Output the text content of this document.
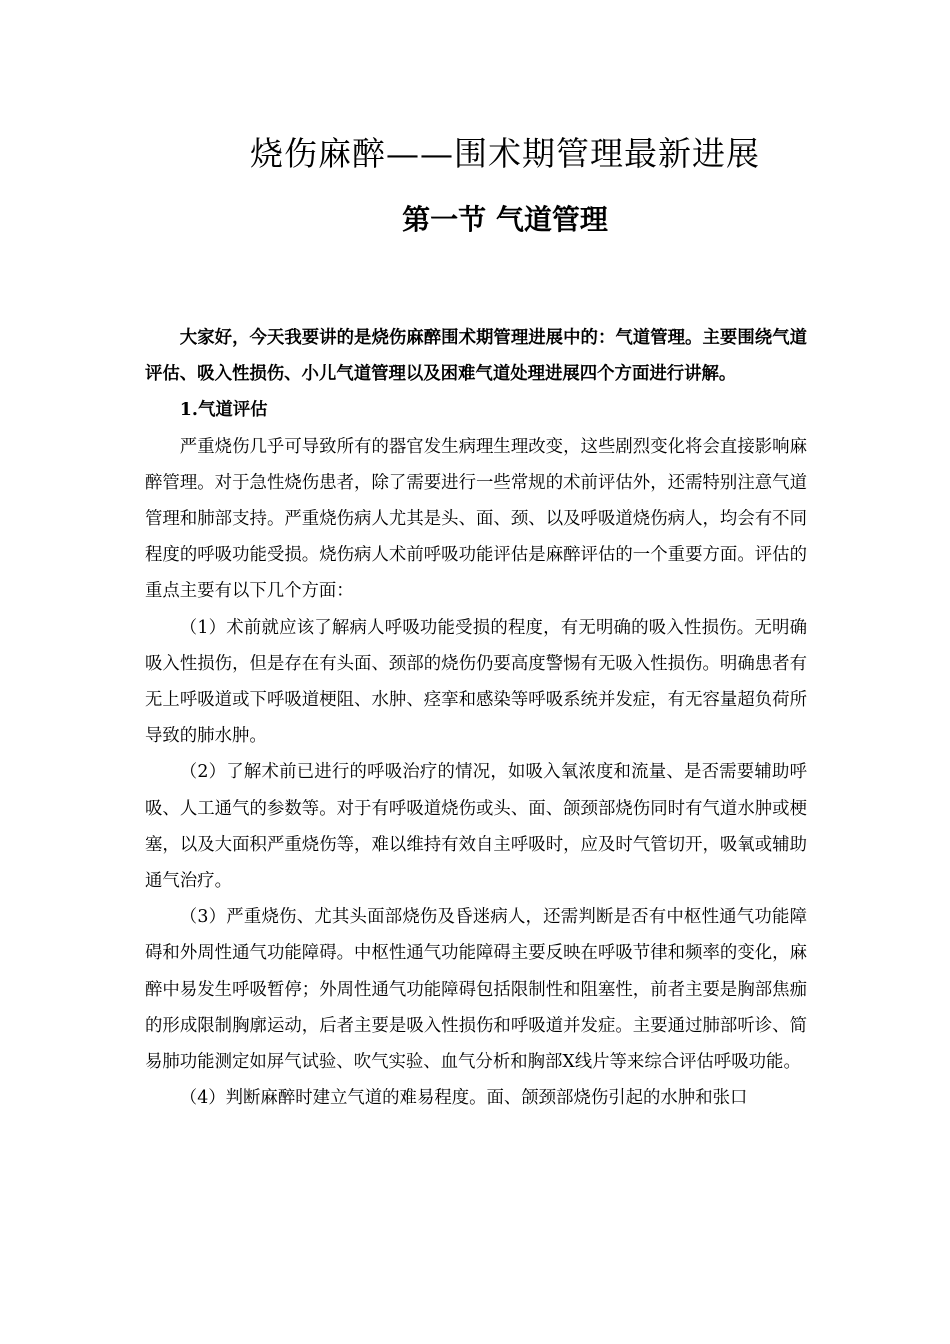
烧伤麻醉——围术期管理最新进展
第一节 气道管理

大家好，今天我要讲的是烧伤麻醉围术期管理进展中的：气道管理。主要围绕气道评估、吸入性损伤、小儿气道管理以及困难气道处理进展四个方面进行讲解。

1.气道评估

严重烧伤几乎可导致所有的器官发生病理生理改变，这些剧烈变化将会直接影响麻醉管理。对于急性烧伤患者，除了需要进行一些常规的术前评估外，还需特别注意气道管理和肺部支持。严重烧伤病人尤其是头、面、颈、以及呼吸道烧伤病人，均会有不同程度的呼吸功能受损。烧伤病人术前呼吸功能评估是麻醉评估的一个重要方面。评估的重点主要有以下几个方面：

（1）术前就应该了解病人呼吸功能受损的程度，有无明确的吸入性损伤。无明确吸入性损伤，但是存在有头面、颈部的烧伤仍要高度警惕有无吸入性损伤。明确患者有无上呼吸道或下呼吸道梗阻、水肿、痉挛和感染等呼吸系统并发症，有无容量超负荷所导致的肺水肿。

（2）了解术前已进行的呼吸治疗的情况，如吸入氧浓度和流量、是否需要辅助呼吸、人工通气的参数等。对于有呼吸道烧伤或头、面、颌颈部烧伤同时有气道水肿或梗塞，以及大面积严重烧伤等，难以维持有效自主呼吸时，应及时气管切开，吸氧或辅助通气治疗。

（3）严重烧伤、尤其头面部烧伤及昏迷病人，还需判断是否有中枢性通气功能障碍和外周性通气功能障碍。中枢性通气功能障碍主要反映在呼吸节律和频率的变化，麻醉中易发生呼吸暂停；外周性通气功能障碍包括限制性和阻塞性，前者主要是胸部焦痂的形成限制胸廓运动，后者主要是吸入性损伤和呼吸道并发症。主要通过肺部听诊、简易肺功能测定如屏气试验、吹气实验、血气分析和胸部X线片等来综合评估呼吸功能。

（4）判断麻醉时建立气道的难易程度。面、颌颈部烧伤引起的水肿和张口
